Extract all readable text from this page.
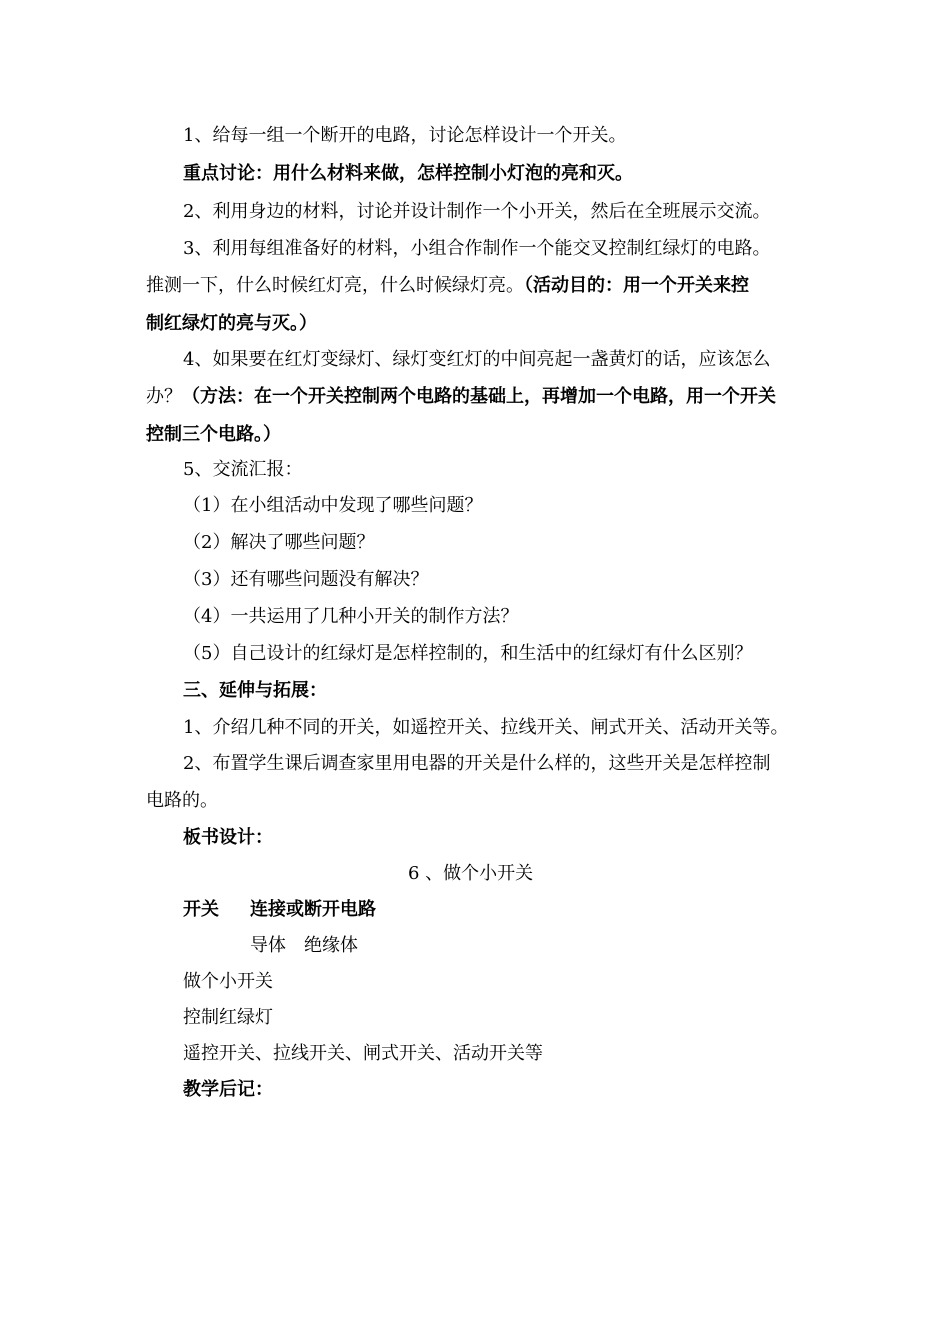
1、给每一组一个断开的电路，讨论怎样设计一个开关。
重点讨论：用什么材料来做，怎样控制小灯泡的亮和灭。
2、利用身边的材料，讨论并设计制作一个小开关，然后在全班展示交流。
3、利用每组准备好的材料，小组合作制作一个能交叉控制红绿灯的电路。
推测一下，什么时候红灯亮，什么时候绿灯亮。（活动目的：用一个开关来控
制红绿灯的亮与灭。）
4、如果要在红灯变绿灯、绿灯变红灯的中间亮起一盏黄灯的话，应该怎么
办？（方法：在一个开关控制两个电路的基础上，再增加一个电路，用一个开关
控制三个电路。）
5、交流汇报：
（1）在小组活动中发现了哪些问题？
（2）解决了哪些问题？
（3）还有哪些问题没有解决？
（4）一共运用了几种小开关的制作方法？
（5）自己设计的红绿灯是怎样控制的，和生活中的红绿灯有什么区别？
三、延伸与拓展：
1、介绍几种不同的开关，如遥控开关、拉线开关、闸式开关、活动开关等。
2、布置学生课后调查家里用电器的开关是什么样的，这些开关是怎样控制
电路的。
板书设计：
6 、做个小开关
开关 连接或断开电路
导体　绝缘体
做个小开关
控制红绿灯
遥控开关、拉线开关、闸式开关、活动开关等
教学后记：
